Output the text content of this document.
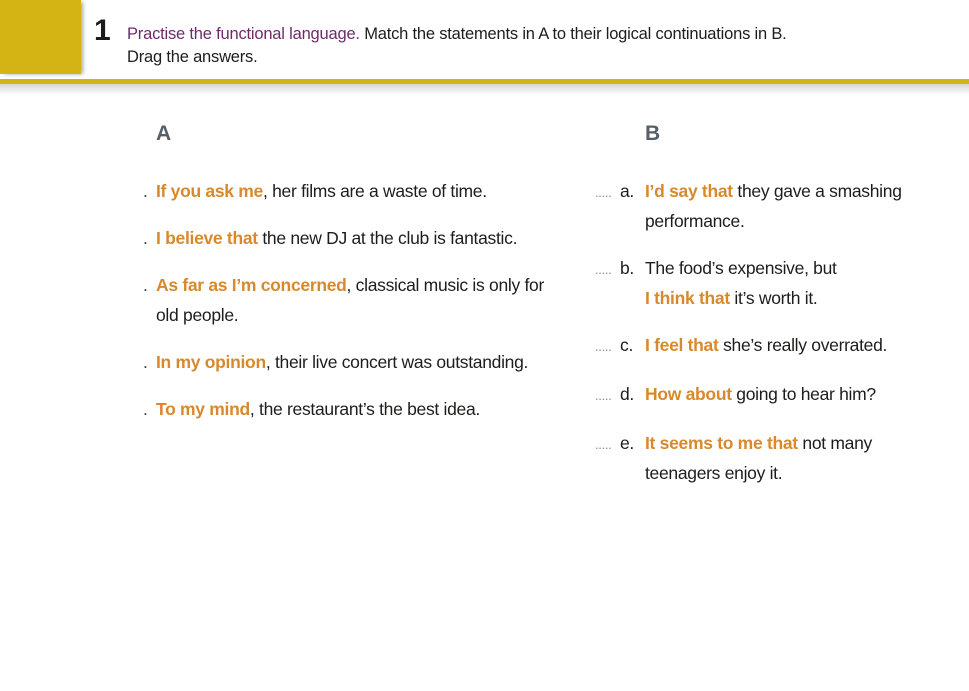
1 Practise the functional language. Match the statements in A to their logical continuations in B.
Drag the answers.
A
. If you ask me, her films are a waste of time.
. I believe that the new DJ at the club is fantastic.
. As far as I’m concerned, classical music is only for
old people.
. In my opinion, their live concert was outstanding.
. To my mind, the restaurant’s the best idea.
B
..... a. I’d say that they gave a smashing
performance.
..... b. The food’s expensive, but
I think that it’s worth it.
..... c. I feel that she’s really overrated.
..... d. How about going to hear him?
..... e. It seems to me that not many
teenagers enjoy it.
